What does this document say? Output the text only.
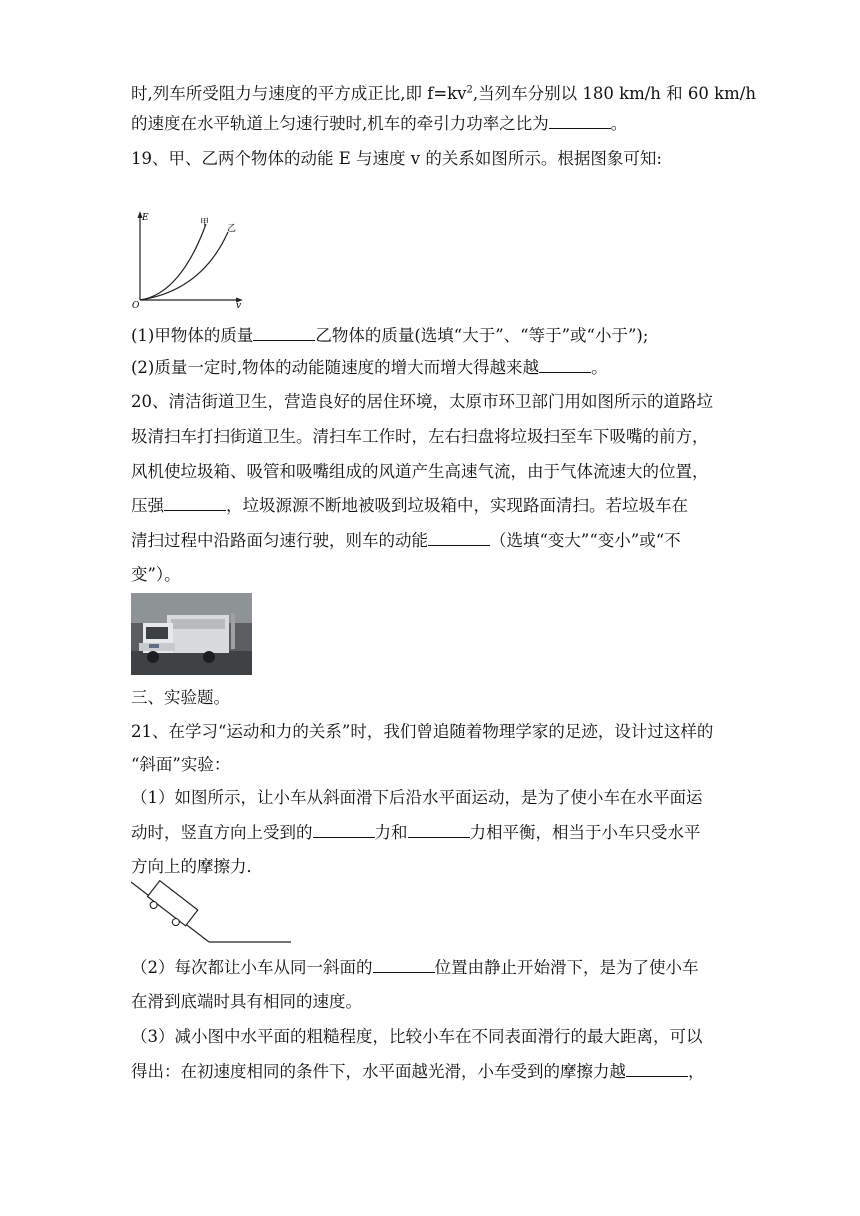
时,列车所受阻力与速度的平方成正比,即 $f=kv^2$,当列车分别以 180 km/h 和 60 km/h
的速度在水平轨道上匀速行驶时,机车的牵引力功率之比为	。
19、甲、乙两个物体的动能 E 与速度 v 的关系如图所示。根据图象可知:
E
O	v
甲
乙
(1)甲物体的质量	乙物体的质量(选填“大于”、“等于”或“小于”);
(2)质量一定时,物体的动能随速度的增大而增大得越来越	。
20、清洁街道卫生，营造良好的居住环境，太原市环卫部门用如图所示的道路垃
圾清扫车打扫街道卫生。清扫车工作时，左右扫盘将垃圾扫至车下吸嘴的前方，
风机使垃圾箱、吸管和吸嘴组成的风道产生高速气流，由于气体流速大的位置，
压强	，垃圾源源不断地被吸到垃圾箱中，实现路面清扫。若垃圾车在
清扫过程中沿路面匀速行驶，则车的动能	（选填“变大”“变小”或“不
变”）。
三、实验题。
21、在学习“运动和力的关系”时，我们曾追随着物理学家的足迹，设计过这样的
“斜面”实验：
（1）如图所示，让小车从斜面滑下后沿水平面运动，是为了使小车在水平面运
动时，竖直方向上受到的	力和	力相平衡，相当于小车只受水平
方向上的摩擦力．
（2）每次都让小车从同一斜面的	位置由静止开始滑下，是为了使小车
在滑到底端时具有相同的速度。
（3）减小图中水平面的粗糙程度，比较小车在不同表面滑行的最大距离，可以
得出：在初速度相同的条件下，水平面越光滑，小车受到的摩擦力越	，
